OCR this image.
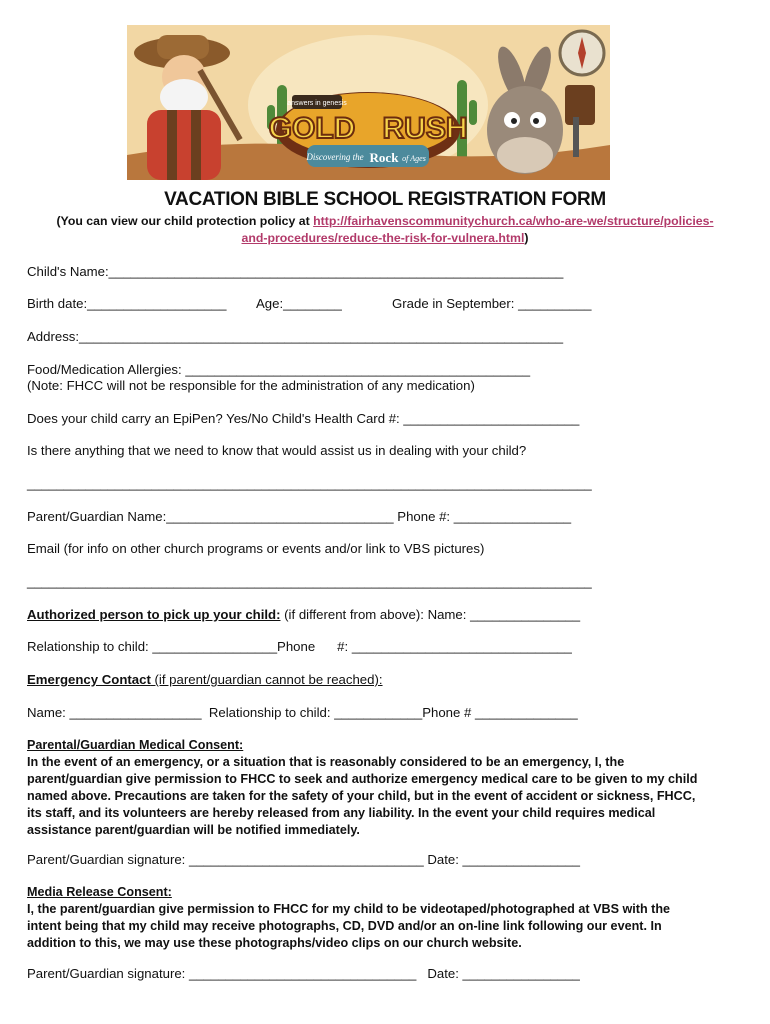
answers in genesis
GOLD RUSH
Discovering the Rock of Ages
VACATION BIBLE SCHOOL REGISTRATION FORM
(You can view our child protection policy at http://fairhavenscommunitychurch.ca/who-are-we/structure/policies-
and-procedures/reduce-the-risk-for-vulnera.html)
Child's Name:______________________________________________________________
Birth date:___________________ Age:________	Grade in September: __________
Address:__________________________________________________________________
Food/Medication Allergies: _______________________________________________
(Note: FHCC will not be responsible for the administration of any medication)
Does your child carry an EpiPen? Yes/No Child's Health Card #: ________________________
Is there anything that we need to know that would assist us in dealing with your child?
_____________________________________________________________________________
Parent/Guardian Name:_______________________________ Phone #: ________________
Email (for info on other church programs or events and/or link to VBS pictures)
_____________________________________________________________________________
Authorized person to pick up your child: (if different from above): Name: _______________
Relationship to child: _________________Phone      #: ______________________________
Emergency Contact (if parent/guardian cannot be reached):
Name: __________________  Relationship to child: ____________Phone # ______________
Parental/Guardian Medical Consent:
In the event of an emergency, or a situation that is reasonably considered to be an emergency, I, the parent/guardian give permission to FHCC to seek and authorize emergency medical care to be given to my child named above. Precautions are taken for the safety of your child, but in the event of accident or sickness, FHCC, its staff, and its volunteers are hereby released from any liability. In the event your child requires medical assistance parent/guardian will be notified immediately.
Parent/Guardian signature: ________________________________ Date: ________________
Media Release Consent:
I, the parent/guardian give permission to FHCC for my child to be videotaped/photographed at VBS with the intent being that my child may receive photographs, CD, DVD and/or an on-line link following our event. In addition to this, we may use these photographs/video clips on our church website.
Parent/Guardian signature: _______________________________   Date: ________________
